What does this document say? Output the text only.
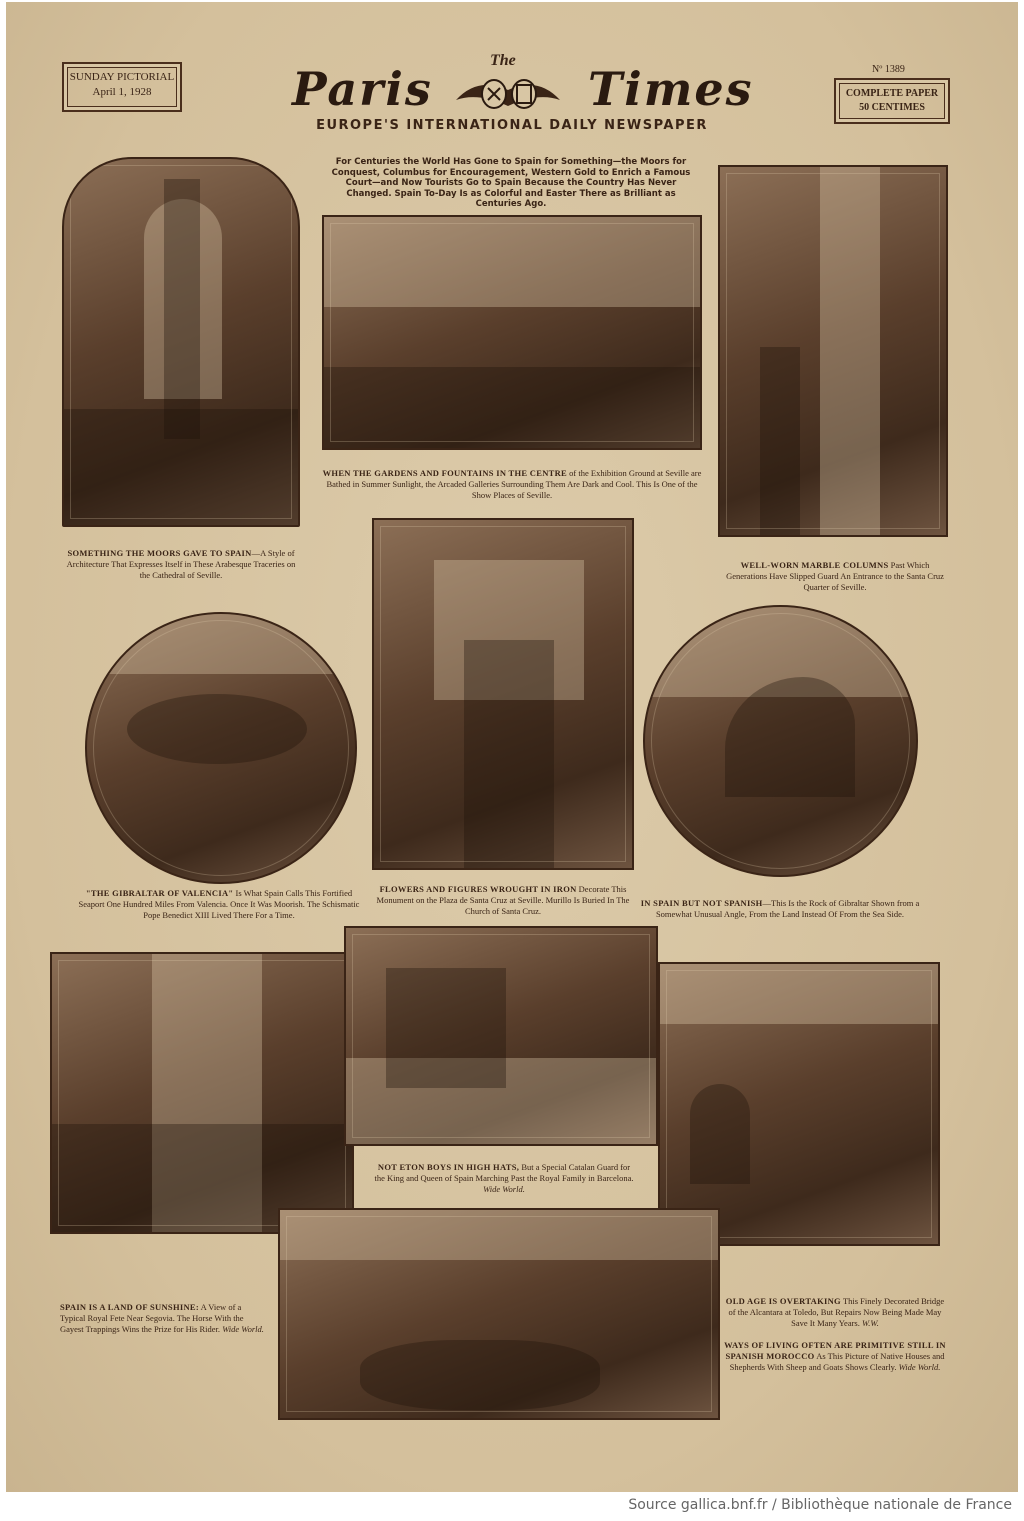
SUNDAY PICTORIAL
April 1, 1928	Paris
The
Times
EUROPE'S INTERNATIONAL DAILY NEWSPAPER
Nº 1389
COMPLETE PAPER
50 CENTIMES
For Centuries the World Has Gone to Spain for Something—the Moors for Conquest, Columbus for Encouragement, Western Gold to Enrich a Famous Court—and Now Tourists Go to Spain Because the Country Has Never Changed. Spain To-Day Is as Colorful and Easter There as Brilliant as Centuries Ago.
SOMETHING THE MOORS GAVE TO SPAIN—A Style of Architecture That Expresses Itself in These Arabesque Traceries on the Cathedral of Seville.
WHEN THE GARDENS AND FOUNTAINS IN THE CENTRE of the Exhibition Ground at Seville are Bathed in Summer Sunlight, the Arcaded Galleries Surrounding Them Are Dark and Cool. This Is One of the Show Places of Seville.
WELL-WORN MARBLE COLUMNS Past Which Generations Have Slipped Guard An Entrance to the Santa Cruz Quarter of Seville.
"THE GIBRALTAR OF VALENCIA" Is What Spain Calls This Fortified Seaport One Hundred Miles From Valencia. Once It Was Moorish. The Schismatic Pope Benedict XIII Lived There For a Time.
FLOWERS AND FIGURES WROUGHT IN IRON Decorate This Monument on the Plaza de Santa Cruz at Seville. Murillo Is Buried In The Church of Santa Cruz.
IN SPAIN BUT NOT SPANISH—This Is the Rock of Gibraltar Shown from a Somewhat Unusual Angle, From the Land Instead Of From the Sea Side.
NOT ETON BOYS IN HIGH HATS, But a Special Catalan Guard for the King and Queen of Spain Marching Past the Royal Family in Barcelona. Wide World.
SPAIN IS A LAND OF SUNSHINE: A View of a Typical Royal Fete Near Segovia. The Horse With the Gayest Trappings Wins the Prize for His Rider. Wide World.
OLD AGE IS OVERTAKING This Finely Decorated Bridge of the Alcantara at Toledo, But Repairs Now Being Made May Save It Many Years. W.W.
WAYS OF LIVING OFTEN ARE PRIMITIVE STILL IN SPANISH MOROCCO As This Picture of Native Houses and Shepherds With Sheep and Goats Shows Clearly. Wide World.
Source gallica.bnf.fr / Bibliothèque nationale de France
